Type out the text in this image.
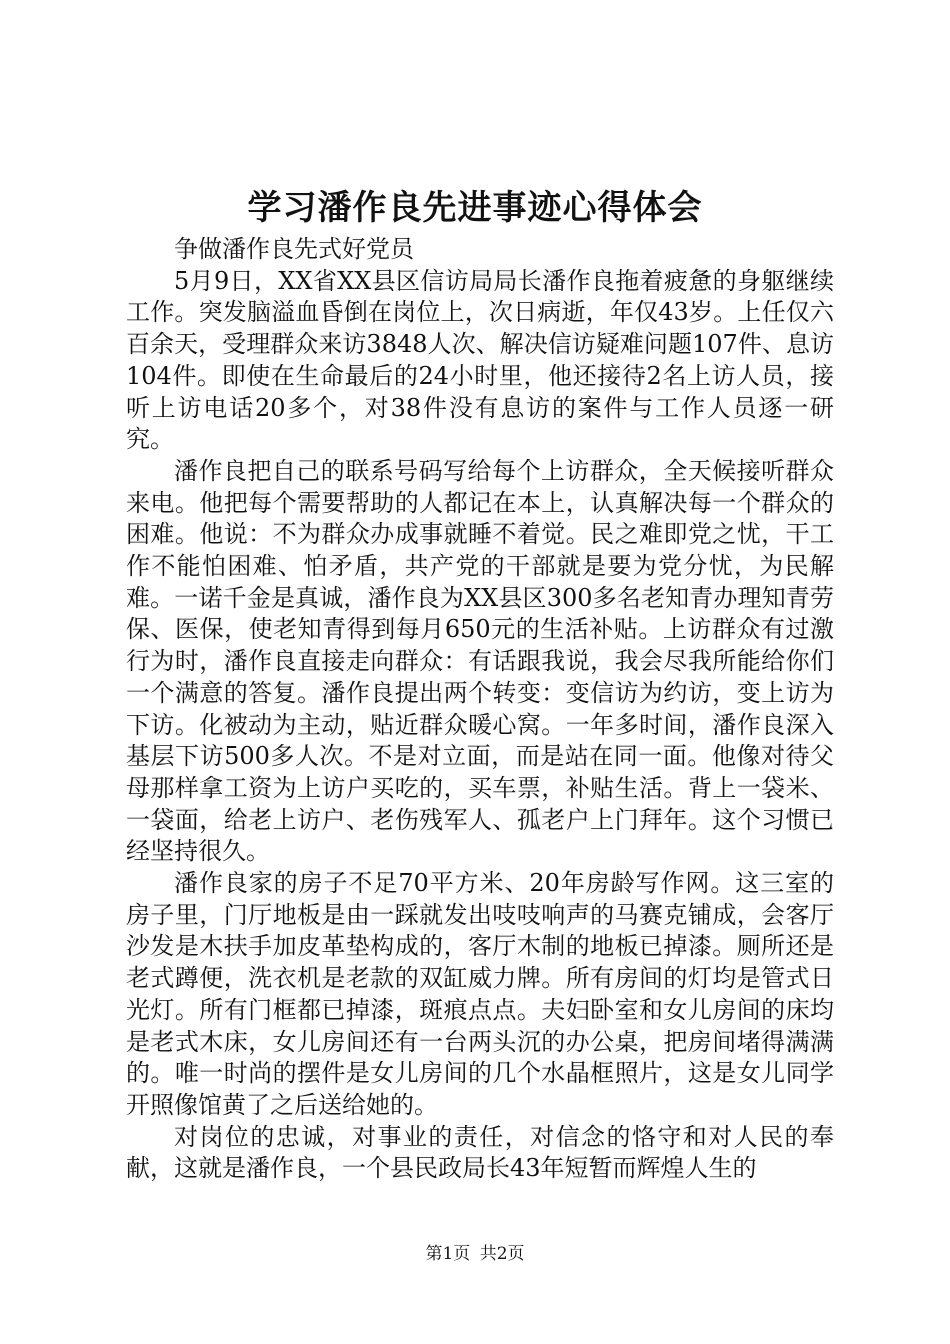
学习潘作良先进事迹心得体会

争做潘作良先式好党员

5月9日，XX省XX县区信访局局长潘作良拖着疲惫的身躯继续工作。突发脑溢血昏倒在岗位上，次日病逝，年仅43岁。上任仅六百余天，受理群众来访3848人次、解决信访疑难问题107件、息访104件。即使在生命最后的24小时里，他还接待2名上访人员，接听上访电话20多个，对38件没有息访的案件与工作人员逐一研究。

潘作良把自己的联系号码写给每个上访群众，全天候接听群众来电。他把每个需要帮助的人都记在本上，认真解决每一个群众的困难。他说：不为群众办成事就睡不着觉。民之难即党之忧，干工作不能怕困难、怕矛盾，共产党的干部就是要为党分忧，为民解难。一诺千金是真诚，潘作良为XX县区300多名老知青办理知青劳保、医保，使老知青得到每月650元的生活补贴。上访群众有过激行为时，潘作良直接走向群众：有话跟我说，我会尽我所能给你们一个满意的答复。潘作良提出两个转变：变信访为约访，变上访为下访。化被动为主动，贴近群众暖心窝。一年多时间，潘作良深入基层下访500多人次。不是对立面，而是站在同一面。他像对待父母那样拿工资为上访户买吃的，买车票，补贴生活。背上一袋米、一袋面，给老上访户、老伤残军人、孤老户上门拜年。这个习惯已经坚持很久。

潘作良家的房子不足70平方米、20年房龄写作网。这三室的房子里，门厅地板是由一踩就发出吱吱响声的马赛克铺成，会客厅沙发是木扶手加皮革垫构成的，客厅木制的地板已掉漆。厕所还是老式蹲便，洗衣机是老款的双缸威力牌。所有房间的灯均是管式日光灯。所有门框都已掉漆，斑痕点点。夫妇卧室和女儿房间的床均是老式木床，女儿房间还有一台两头沉的办公桌，把房间堵得满满的。唯一时尚的摆件是女儿房间的几个水晶框照片，这是女儿同学开照像馆黄了之后送给她的。

对岗位的忠诚，对事业的责任，对信念的恪守和对人民的奉献，这就是潘作良，一个县民政局长43年短暂而辉煌人生的

第1页 共2页
